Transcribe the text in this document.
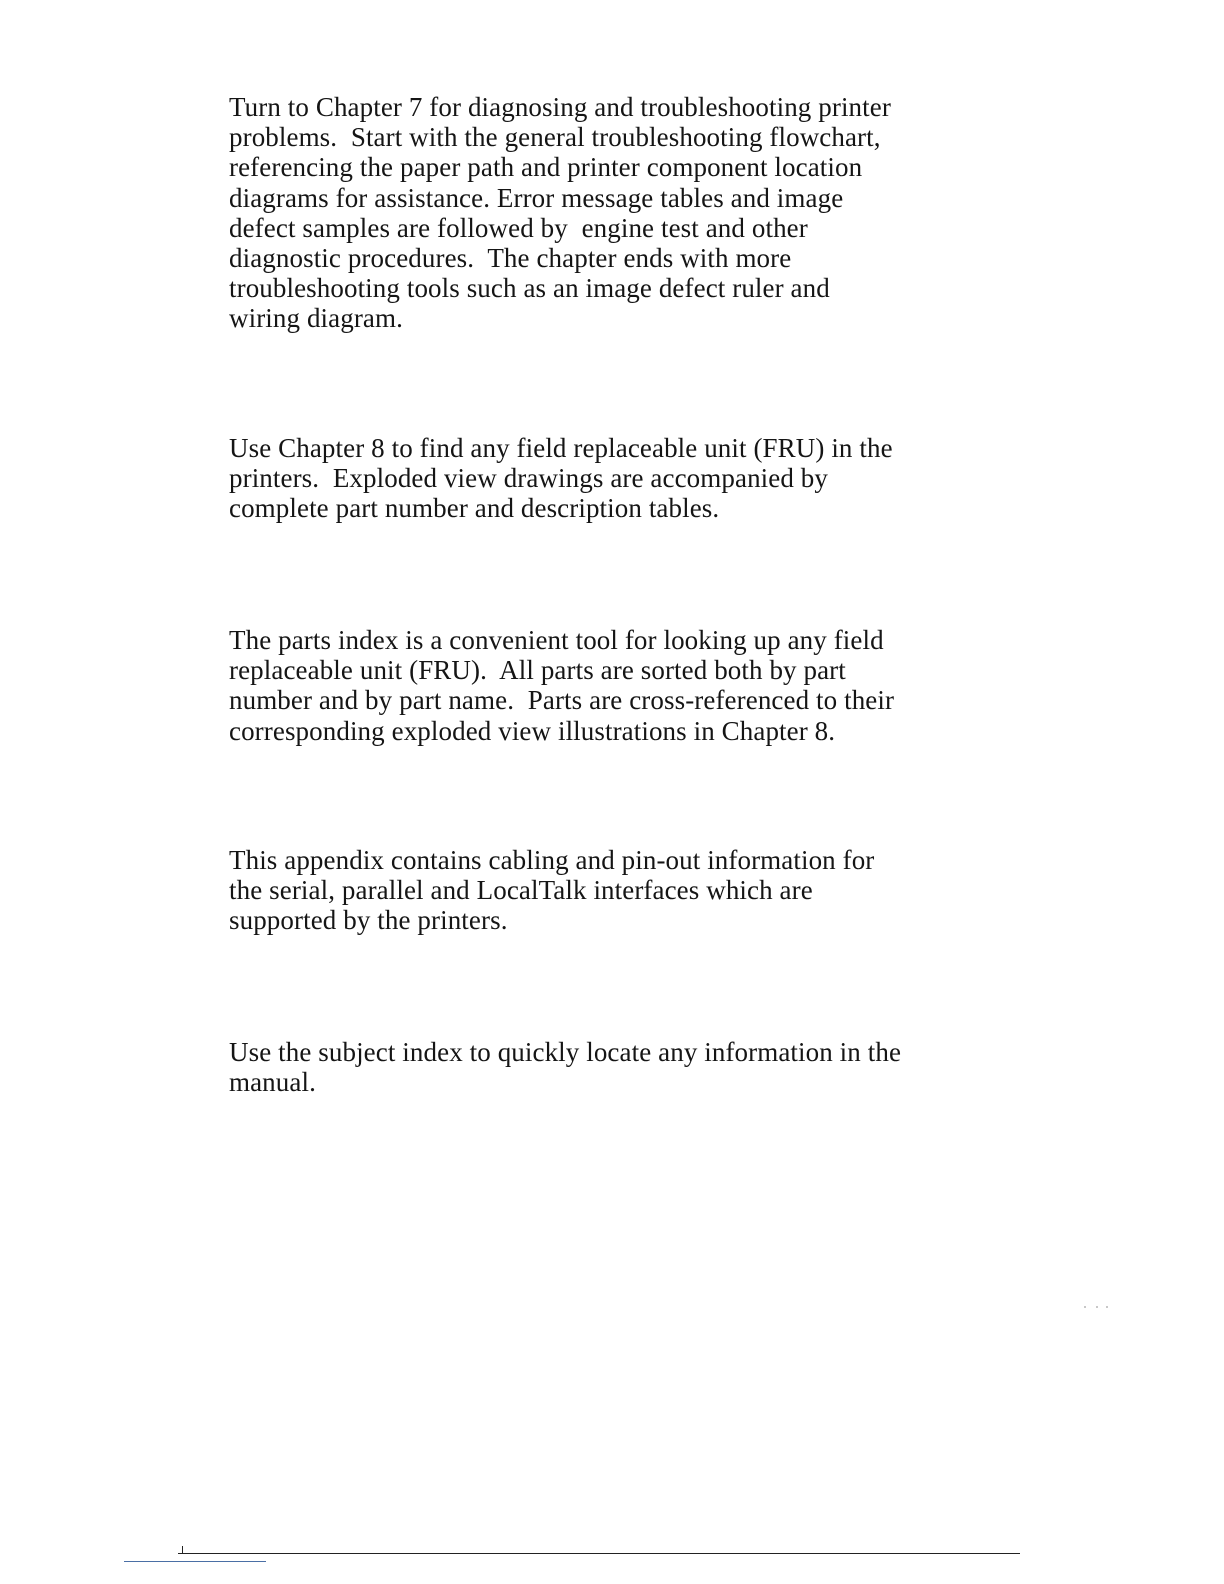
Turn to Chapter 7 for diagnosing and troubleshooting printer
problems.  Start with the general troubleshooting flowchart,
referencing the paper path and printer component location
diagrams for assistance. Error message tables and image
defect samples are followed by  engine test and other
diagnostic procedures.  The chapter ends with more
troubleshooting tools such as an image defect ruler and
wiring diagram.

Use Chapter 8 to find any field replaceable unit (FRU) in the
printers.  Exploded view drawings are accompanied by
complete part number and description tables.

The parts index is a convenient tool for looking up any field
replaceable unit (FRU).  All parts are sorted both by part
number and by part name.  Parts are cross-referenced to their
corresponding exploded view illustrations in Chapter 8.

This appendix contains cabling and pin-out information for
the serial, parallel and LocalTalk interfaces which are
supported by the printers.

Use the subject index to quickly locate any information in the
manual.
